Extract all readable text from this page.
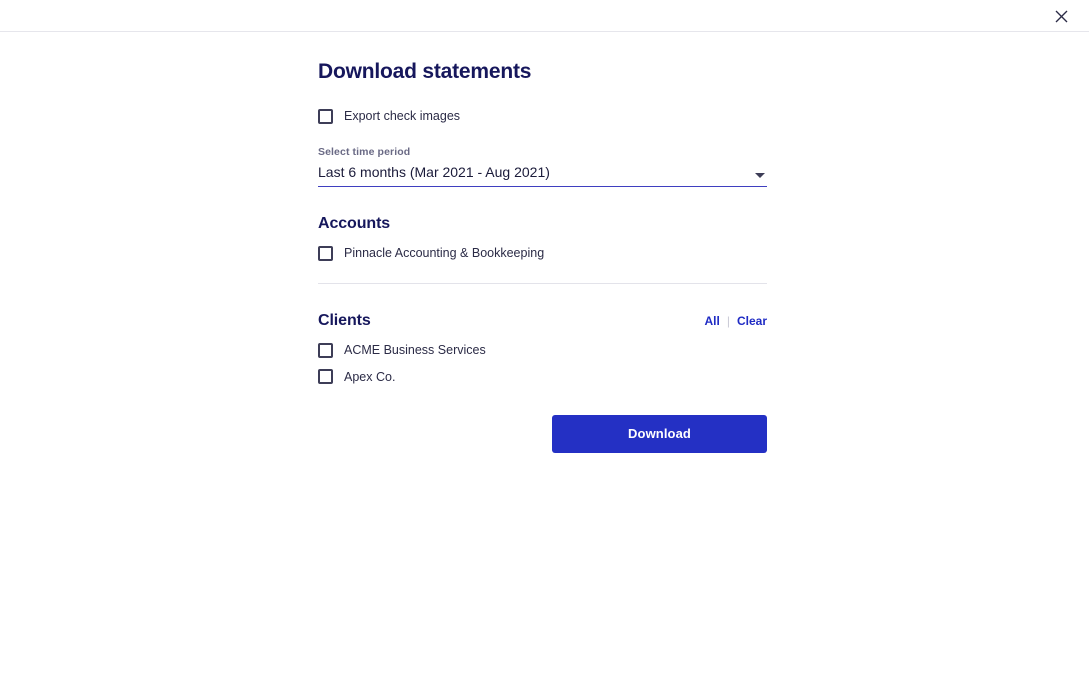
Download statements
Export check images
Select time period
Last 6 months (Mar 2021 - Aug 2021)
Accounts
Pinnacle Accounting & Bookkeeping
Clients	All | Clear
ACME Business Services
Apex Co.
Download
